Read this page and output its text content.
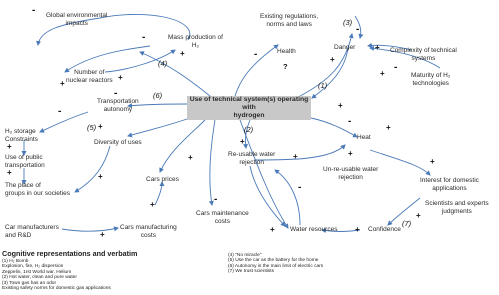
Use of technical system(s) operating with
hydrogen
Global environmental
impacts
Mass production of
H₂
Number of
nuclear reactors
Existing regulations,
norms and laws
Health
Danger	Complexity of technical
systems
Maturity of H₂
technologies
Transportation
autonomy
H₂ storage
Constraints
Use of public
transportation
The place of
groups in our societies
Diversity of uses
Re-usable water
rejection
Un-re-usable water
rejection
Heat
Interest for domestic
applications
Cars prices
Cars maintenance
costs
Cars manufacturing
costs
Car manufacturers
and R&D
Water resources	Confidence
Scientists and experts
judgments
(1)
(2)
(3)
(4)
(5)
(6)
(7)
?
-
+
-
+
+
-	+
-
+
-
+
+
-
+
+
+
+
+
-
-
+
+
+	+
+
-
+
+
+
-
+
+
Cognitive representations and verbatim
(1) H₂ Bomb
Explosion, fire, H₂ dispersion
Zeppelin, 1rst World war, Helium
(2) Hot water, clean and pure water
(3) Town gas has an odor
Existing safety norms for domestic gas applications
(4) "No miracle"
(5) Use the car as the battery for the home
(6) Autonomy is the main limit of electric cars
(7) We trust scientists
